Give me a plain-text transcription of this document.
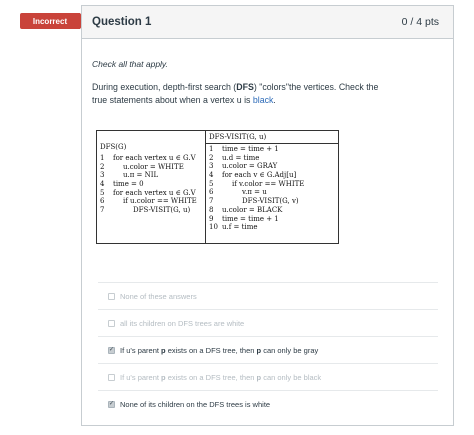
Incorrect	Question 1	0 / 4 pts
Check all that apply.
During execution, depth-first search (DFS) "colors"the vertices. Check the true statements about when a vertex u is black.
DFS(G)
1	for each vertex u ∈ G.V
2	u.color = WHITE
3	u.π = NIL
4	time = 0
5	for each vertex u ∈ G.V
6	if u.color == WHITE
7	DFS-VISIT(G, u)
DFS-VISIT(G, u)
1	time = time + 1
2	u.d = time
3	u.color = GRAY
4	for each v ∈ G.Adj[u]
5	if v.color == WHITE
6	v.π = u
7	DFS-VISIT(G, v)
8	u.color = BLACK
9	time = time + 1
10 u.f = time
None of these answers
all its children on DFS trees are white
✓ If u's parent p exists on a DFS tree, then p can only be gray
If u's parent p exists on a DFS tree, then p can only be black
✓ None of its children on the DFS trees is white
